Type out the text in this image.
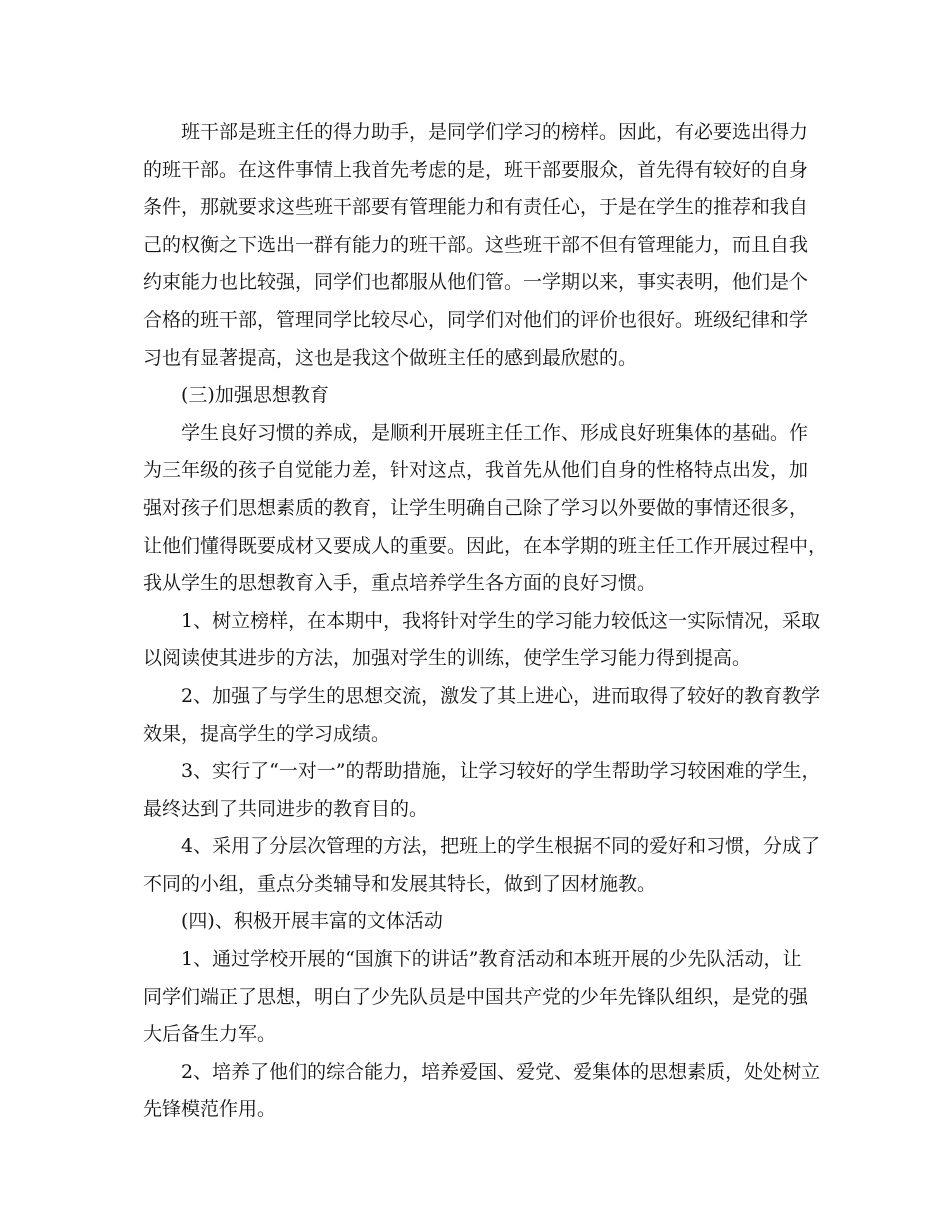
班干部是班主任的得力助手，是同学们学习的榜样。因此，有必要选出得力
的班干部。在这件事情上我首先考虑的是，班干部要服众，首先得有较好的自身
条件，那就要求这些班干部要有管理能力和有责任心，于是在学生的推荐和我自
己的权衡之下选出一群有能力的班干部。这些班干部不但有管理能力，而且自我
约束能力也比较强，同学们也都服从他们管。一学期以来，事实表明，他们是个
合格的班干部，管理同学比较尽心，同学们对他们的评价也很好。班级纪律和学
习也有显著提高，这也是我这个做班主任的感到最欣慰的。

(三)加强思想教育

学生良好习惯的养成，是顺利开展班主任工作、形成良好班集体的基础。作
为三年级的孩子自觉能力差，针对这点，我首先从他们自身的性格特点出发，加
强对孩子们思想素质的教育，让学生明确自己除了学习以外要做的事情还很多，
让他们懂得既要成材又要成人的重要。因此，在本学期的班主任工作开展过程中，
我从学生的思想教育入手，重点培养学生各方面的良好习惯。

1、树立榜样，在本期中，我将针对学生的学习能力较低这一实际情况，采取
以阅读使其进步的方法，加强对学生的训练，使学生学习能力得到提高。

2、加强了与学生的思想交流，激发了其上进心，进而取得了较好的教育教学
效果，提高学生的学习成绩。

3、实行了“一对一”的帮助措施，让学习较好的学生帮助学习较困难的学生，
最终达到了共同进步的教育目的。

4、采用了分层次管理的方法，把班上的学生根据不同的爱好和习惯，分成了
不同的小组，重点分类辅导和发展其特长，做到了因材施教。

(四)、积极开展丰富的文体活动

1、通过学校开展的“国旗下的讲话”教育活动和本班开展的少先队活动，让
同学们端正了思想，明白了少先队员是中国共产党的少年先锋队组织，是党的强
大后备生力军。

2、培养了他们的综合能力，培养爱国、爱党、爱集体的思想素质，处处树立
先锋模范作用。
